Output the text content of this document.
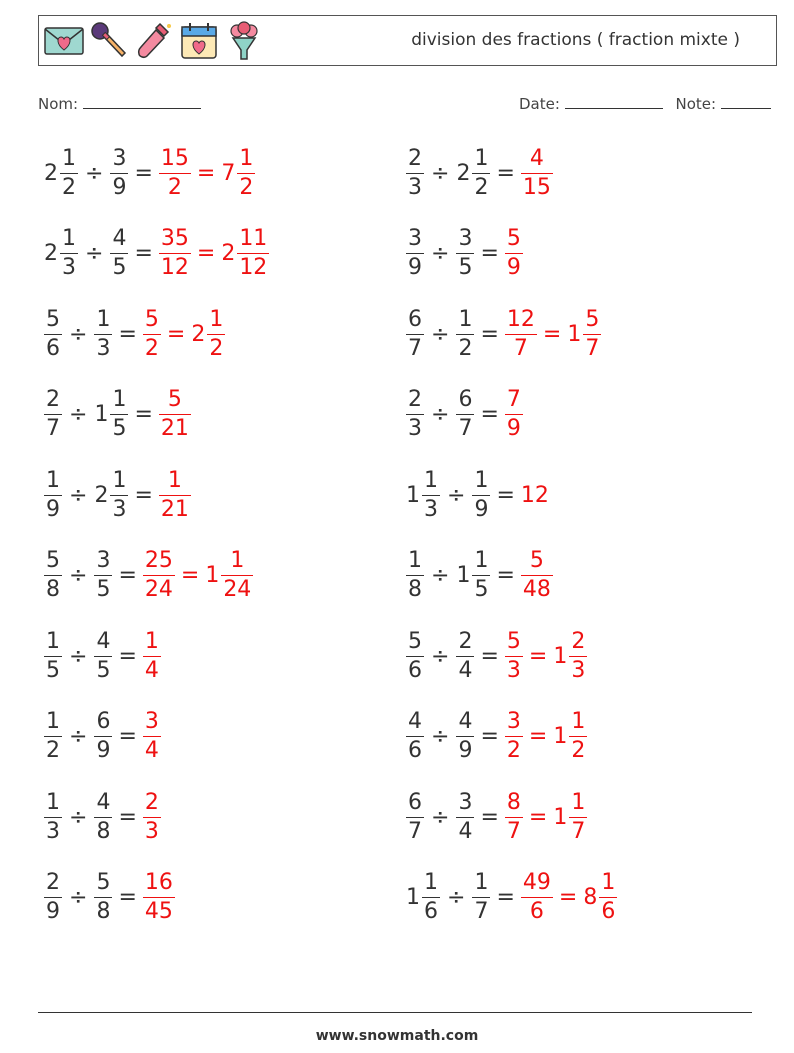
division des fractions ( fraction mixte )
Nom:	Date:	Note:
$2 \frac{1}{2} \div \frac{3}{9} = \frac{15}{2} = 7 \frac{1}{2}$	$\frac{2}{3} \div 2 \frac{1}{2} = \frac{4}{15}$
$2 \frac{1}{3} \div \frac{4}{5} = \frac{35}{12} = 2 \frac{11}{12}$	$\frac{3}{9} \div \frac{3}{5} = \frac{5}{9}$
$\frac{5}{6} \div \frac{1}{3} = \frac{5}{2} = 2 \frac{1}{2}$	$\frac{6}{7} \div \frac{1}{2} = \frac{12}{7} = 1 \frac{5}{7}$
$\frac{2}{7} \div 1 \frac{1}{5} = \frac{5}{21}$	$\frac{2}{3} \div \frac{6}{7} = \frac{7}{9}$
$\frac{1}{9} \div 2 \frac{1}{3} = \frac{1}{21}$	$1 \frac{1}{3} \div \frac{1}{9} = 12$
$\frac{5}{8} \div \frac{3}{5} = \frac{25}{24} = 1 \frac{1}{24}$	$\frac{1}{8} \div 1 \frac{1}{5} = \frac{5}{48}$
$\frac{1}{5} \div \frac{4}{5} = \frac{1}{4}$	$\frac{5}{6} \div \frac{2}{4} = \frac{5}{3} = 1 \frac{2}{3}$
$\frac{1}{2} \div \frac{6}{9} = \frac{3}{4}$	$\frac{4}{6} \div \frac{4}{9} = \frac{3}{2} = 1 \frac{1}{2}$
$\frac{1}{3} \div \frac{4}{8} = \frac{2}{3}$	$\frac{6}{7} \div \frac{3}{4} = \frac{8}{7} = 1 \frac{1}{7}$
$\frac{2}{9} \div \frac{5}{8} = \frac{16}{45}$	$1 \frac{1}{6} \div \frac{1}{7} = \frac{49}{6} = 8 \frac{1}{6}$
www.snowmath.com
